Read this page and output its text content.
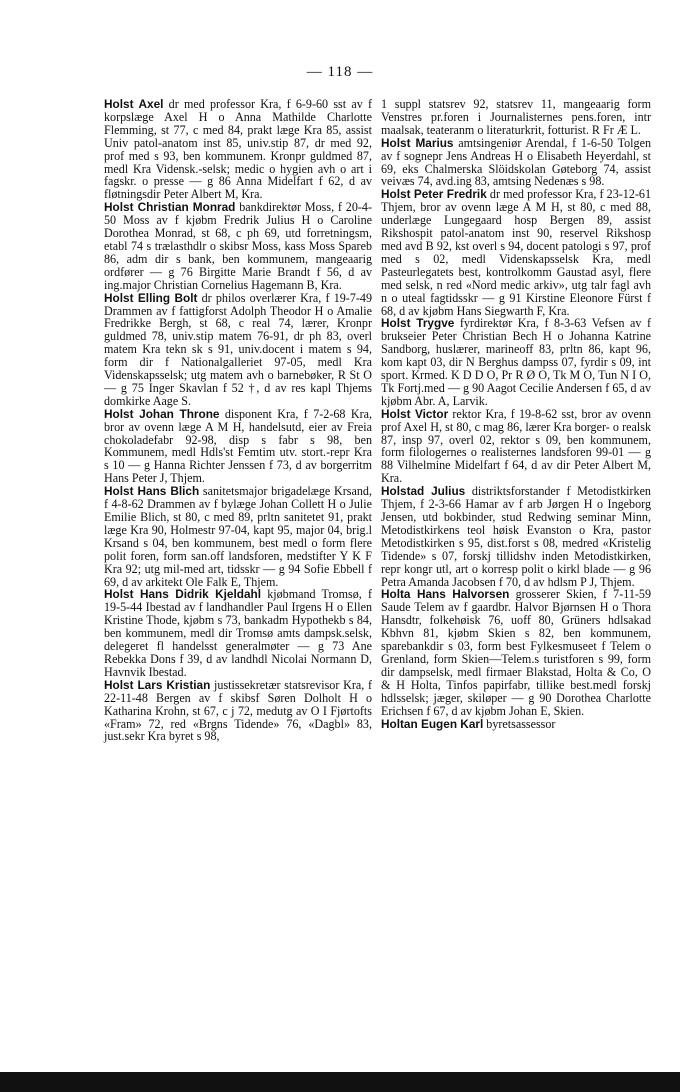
— 118 —
Holst Axel dr med professor Kra, f 6-9-60 sst av f korpslæge Axel H o Anna Mathilde Charlotte Flemming, st 77, c med 84, prakt læge Kra 85, assist Univ patol-anatom inst 85, univ.stip 87, dr med 92, prof med s 93, ben kommunem. Kronpr guldmed 87, medl Kra Vidensk.-selsk; medic o hygien avh o art i fagskr. o presse — g 86 Anna Midelfart f 62, d av fløtningsdir Peter Albert M, Kra.
Holst Christian Monrad bankdirektør Moss, f 20-4-50 Moss av f kjøbm Fredrik Julius H o Caroline Dorothea Monrad, st 68, c ph 69, utd forretningsm, etabl 74 s trælasthdlr o skibsr Moss, kass Moss Spareb 86, adm dir s bank, ben kommunem, mangeaarig ordfører — g 76 Birgitte Marie Brandt f 56, d av ing.major Christian Cornelius Hagemann B, Kra.
Holst Elling Bolt dr philos overlærer Kra, f 19-7-49 Drammen av f fattigforst Adolph Theodor H o Amalie Fredrikke Bergh, st 68, c real 74, lærer, Kronpr guldmed 78, univ.stip matem 76-91, dr ph 83, overl matem Kra tekn sk s 91, univ.docent i matem s 94, form dir f Nationalgalleriet 97-05, medl Kra Videnskapsselsk; utg matem avh o barnebøker, R St O — g 75 Inger Skavlan f 52 †, d av res kapl Thjems domkirke Aage S.
Holst Johan Throne disponent Kra, f 7-2-68 Kra, bror av ovenn læge A M H, handelsutd, eier av Freia chokoladefabr 92-98, disp s fabr s 98, ben Kommunem, medl Hdls'st Femtim utv. stort.-repr Kra s 10 — g Hanna Richter Jenssen f 73, d av borgerritm Hans Peter J, Thjem.
Holst Hans Blich sanitetsmajor brigadelæge Krsand, f 4-8-62 Drammen av f bylæge Johan Collett H o Julie Emilie Blich, st 80, c med 89, prltn sanitetet 91, prakt læge Kra 90, Holmestr 97-04, kapt 95, major 04, brig.l Krsand s 04, ben kommunem, best medl o form flere polit foren, form san.off landsforen, medstifter Y K F Kra 92; utg mil-med art, tidsskr — g 94 Sofie Ebbell f 69, d av arkitekt Ole Falk E, Thjem.
Holst Hans Didrik Kjeldahl kjøbmand Tromsø, f 19-5-44 Ibestad av f landhandler Paul Irgens H o Ellen Kristine Thode, kjøbm s 73, bankadm Hypothekb s 84, ben kommunem, medl dir Tromsø amts dampsk.selsk, delegeret fl handelsst generalmøter — g 73 Ane Rebekka Dons f 39, d av landhdl Nicolai Normann D, Havnvik Ibestad.
Holst Lars Kristian justissekretær statsrevisor Kra, f 22-11-48 Bergen av f skibsf Søren Dolholt H o Katharina Krohn, st 67, c j 72, medutg av O I Fjørtofts «Fram» 72, red «Brgns Tidende» 76, «Dagbl» 83, just.sekr Kra byret s 98,
1 suppl statsrev 92, statsrev 11, mangeaarig form Venstres pr.foren i Journalisternes pens.foren, intr maalsak, teateranm o literaturkrit, fotturist. R Fr Æ L.
Holst Marius amtsingeniør Arendal, f 1-6-50 Tolgen av f sognepr Jens Andreas H o Elisabeth Heyerdahl, st 69, eks Chalmerska Slöidskolan Gøteborg 74, assist veivæs 74, avd.ing 83, amtsing Nedenæs s 98.
Holst Peter Fredrik dr med professor Kra, f 23-12-61 Thjem, bror av ovenn læge A M H, st 80, c med 88, underlæge Lungegaard hosp Bergen 89, assist Rikshospit patol-anatom inst 90, reservel Rikshosp med avd B 92, kst overl s 94, docent patologi s 97, prof med s 02, medl Videnskapsselsk Kra, medl Pasteurlegatets best, kontrolkomm Gaustad asyl, flere med selsk, n red «Nord medic arkiv», utg talr fagl avh n o uteal fagtidsskr — g 91 Kirstine Eleonore Fürst f 68, d av kjøbm Hans Siegwarth F, Kra.
Holst Trygve fyrdirektør Kra, f 8-3-63 Vefsen av f brukseier Peter Christian Bech H o Johanna Katrine Sandborg, huslærer, marineoff 83, prltn 86, kapt 96, kom kapt 03, dir N Berghus dampss 07, fyrdir s 09, int sport. Krmed. K D D O, Pr R Ø O, Tk M O, Tun N I O, Tk Fortj.med — g 90 Aagot Cecilie Andersen f 65, d av kjøbm Abr. A, Larvik.
Holst Victor rektor Kra, f 19-8-62 sst, bror av ovenn prof Axel H, st 80, c mag 86, lærer Kra borger- o realsk 87, insp 97, overl 02, rektor s 09, ben kommunem, form filologernes o realisternes landsforen 99-01 — g 88 Vilhelmine Midelfart f 64, d av dir Peter Albert M, Kra.
Holstad Julius distriktsforstander f Metodistkirken Thjem, f 2-3-66 Hamar av f arb Jørgen H o Ingeborg Jensen, utd bokbinder, stud Redwing seminar Minn, Metodistkirkens teol høisk Evanston o Kra, pastor Metodistkirken s 95, dist.forst s 08, medred «Kristelig Tidende» s 07, forskj tillidshv inden Metodistkirken, repr kongr utl, art o korresp polit o kirkl blade — g 96 Petra Amanda Jacobsen f 70, d av hdlsm P J, Thjem.
Holta Hans Halvorsen grosserer Skien, f 7-11-59 Saude Telem av f gaardbr. Halvor Bjørnsen H o Thora Hansdtr, folkehøisk 76, uoff 80, Grüners hdlsakad Kbhvn 81, kjøbm Skien s 82, ben kommunem, sparebankdir s 03, form best Fylkesmuseet f Telem o Grenland, form Skien—Telem.s turistforen s 99, form dir dampselsk, medl firmaer Blakstad, Holta & Co, O & H Holta, Tinfos papirfabr, tillike best.medl forskj hdlsselsk; jæger, skiløper — g 90 Dorothea Charlotte Erichsen f 67, d av kjøbm Johan E, Skien.
Holtan Eugen Karl byretsassessor
